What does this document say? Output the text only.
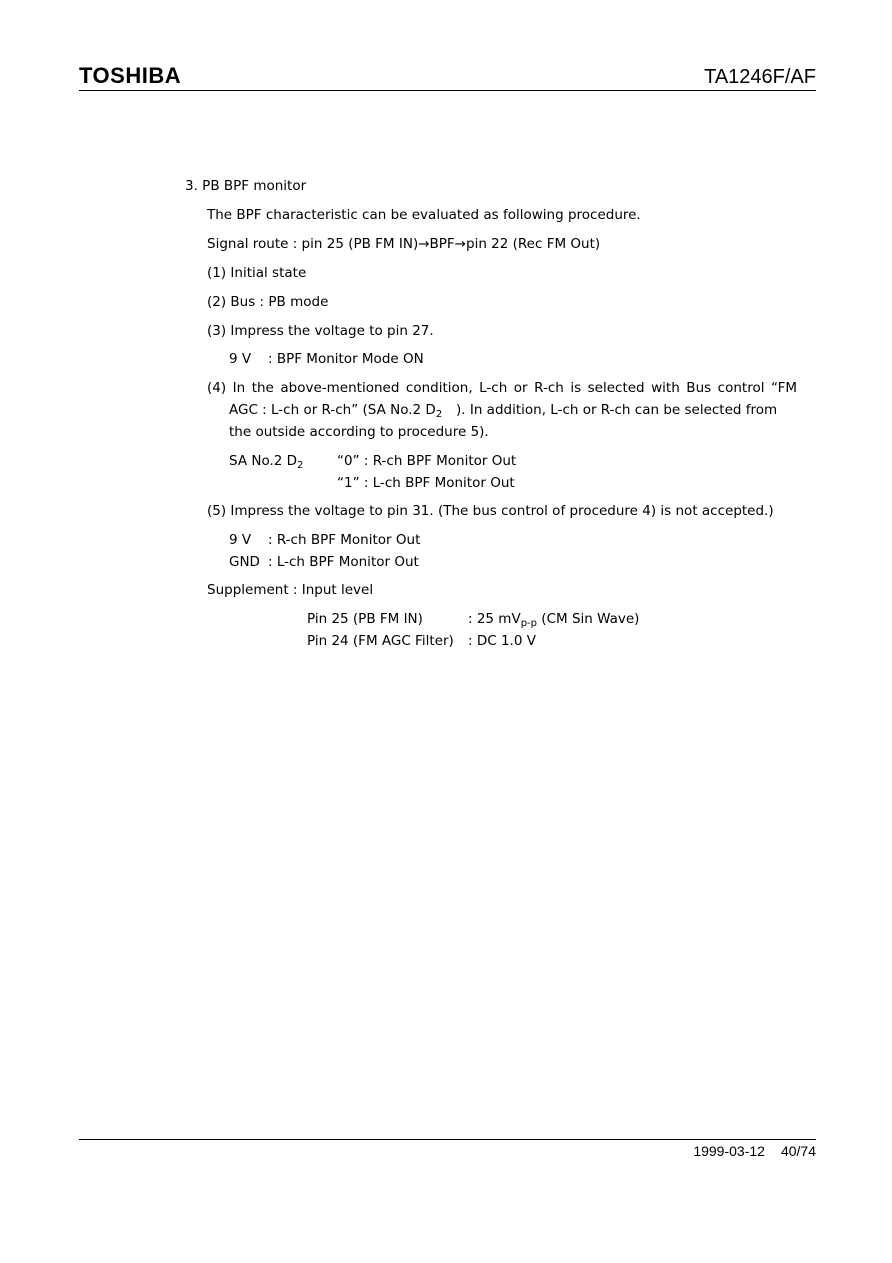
TOSHIBA	TA1246F/AF
3. PB BPF monitor
The BPF characteristic can be evaluated as following procedure.
Signal route : pin 25 (PB FM IN)→BPF→pin 22 (Rec FM Out)
(1) Initial state
(2) Bus : PB mode
(3) Impress the voltage to pin 27.
9 V : BPF Monitor Mode ON
(4) In the above-mentioned condition, L-ch or R-ch is selected with Bus control “FM
AGC : L-ch or R-ch” (SA No.2 $D_2$ ). In addition, L-ch or R-ch can be selected from
the outside according to procedure 5).
SA No.2 $D_2$ “0” : R-ch BPF Monitor Out
“1” : L-ch BPF Monitor Out
(5) Impress the voltage to pin 31. (The bus control of procedure 4) is not accepted.)
9 V : R-ch BPF Monitor Out
GND : L-ch BPF Monitor Out
Supplement : Input level
Pin 25 (PB FM IN)	: 25 $mV_{p-p}$ (CM Sin Wave)
Pin 24 (FM AGC Filter) : DC 1.0 V
1999-03-12 40/74
